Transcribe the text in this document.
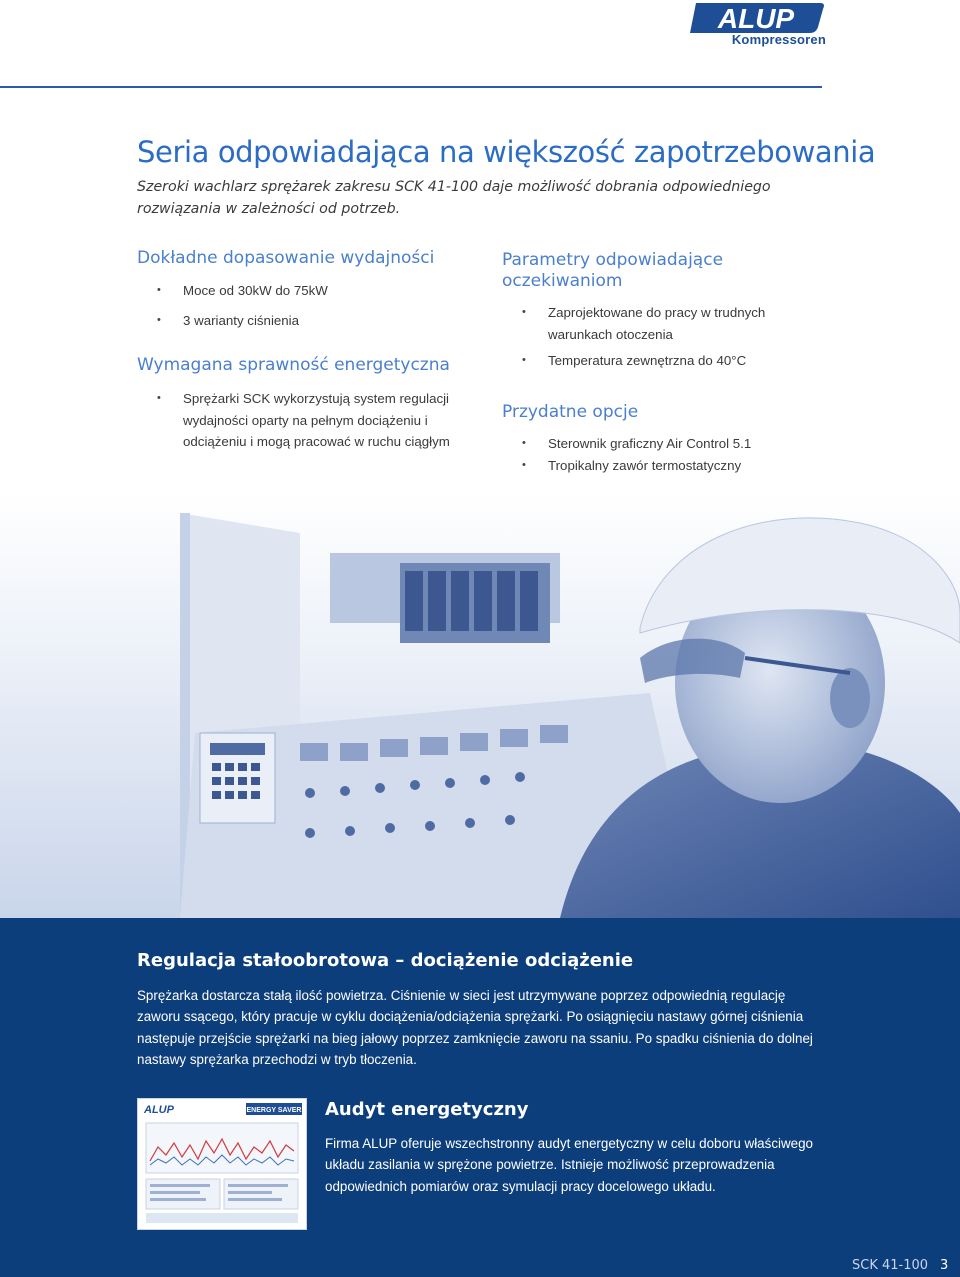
ALUP
Kompressoren
Seria odpowiadająca na większość zapotrzebowania

Szeroki wachlarz sprężarek zakresu SCK 41-100 daje możliwość dobrania odpowiedniego rozwiązania w zależności od potrzeb.

Dokładne dopasowanie wydajności
• Moce od 30kW do 75kW
• 3 warianty ciśnienia
Wymagana sprawność energetyczna
• Sprężarki SCK wykorzystują system regulacji wydajności oparty na pełnym dociążeniu i odciążeniu i mogą pracować w ruchu ciągłym
Parametry odpowiadające oczekiwaniom
• Zaprojektowane do pracy w trudnych warunkach otoczenia
• Temperatura zewnętrzna do 40°C
Przydatne opcje
• Sterownik graficzny Air Control 5.1
• Tropikalny zawór termostatyczny
Regulacja stałoobrotowa – dociążenie odciążenie

Sprężarka dostarcza stałą ilość powietrza. Ciśnienie w sieci jest utrzymywane poprzez odpowiednią regulację zaworu ssącego, który pracuje w cyklu dociążenia/odciążenia sprężarki. Po osiągnięciu nastawy górnej ciśnienia następuje przejście sprężarki na bieg jałowy poprzez zamknięcie zaworu na ssaniu. Po spadku ciśnienia do dolnej nastawy sprężarka przechodzi w tryb tłoczenia.

ALUP	ENERGY SAVER Audyt energetyczny

Firma ALUP oferuje wszechstronny audyt energetyczny w celu doboru właściwego układu zasilania w sprężone powietrze. Istnieje możliwość przeprowadzenia odpowiednich pomiarów oraz symulacji pracy docelowego układu.

SCK 41-100 3
